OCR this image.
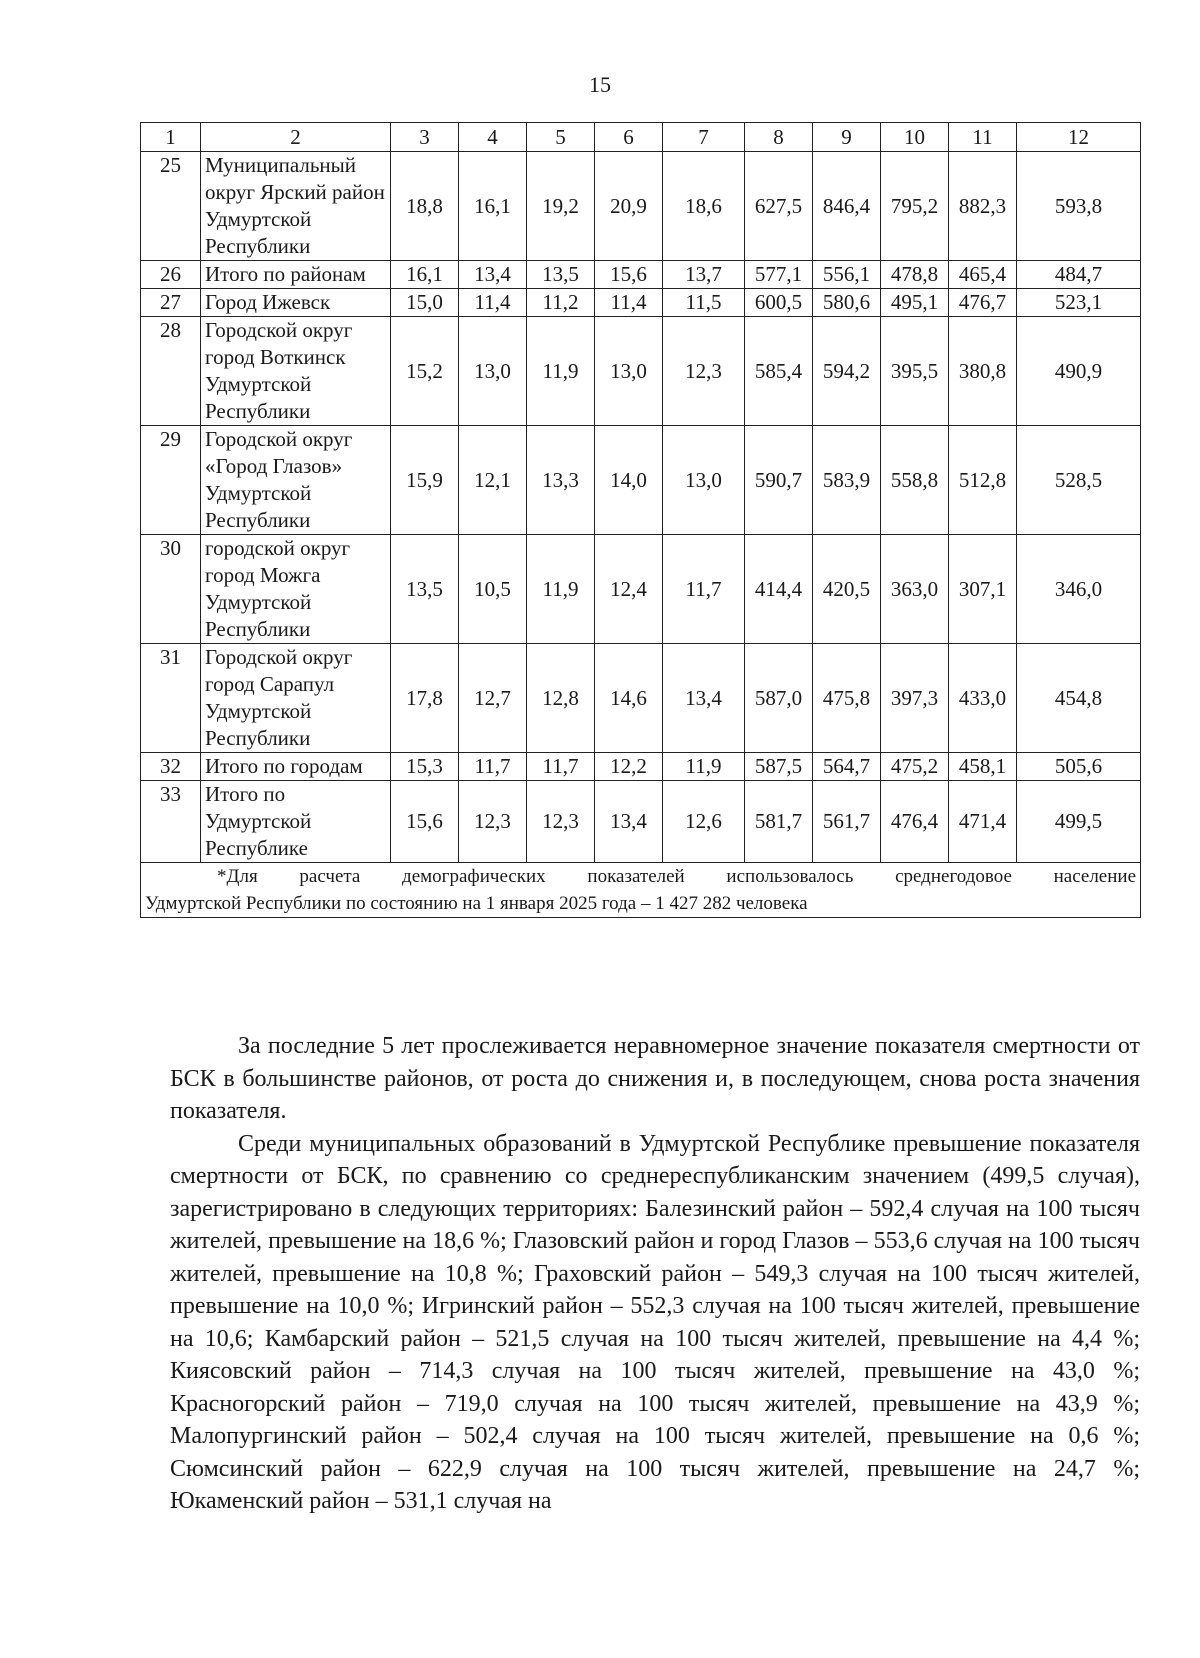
15
1	2	3	4	5	6	7	8	9	10	11	12
25	Муниципальный округ Ярский район Удмуртской Республики	18,8	16,1	19,2	20,9	18,6	627,5	846,4	795,2	882,3	593,8
26	Итого по районам	16,1	13,4	13,5	15,6	13,7	577,1	556,1	478,8	465,4	484,7
27	Город Ижевск	15,0	11,4	11,2	11,4	11,5	600,5	580,6	495,1	476,7	523,1
28	Городской округ город Воткинск Удмуртской Республики	15,2	13,0	11,9	13,0	12,3	585,4	594,2	395,5	380,8	490,9
29	Городской округ «Город Глазов» Удмуртской Республики	15,9	12,1	13,3	14,0	13,0	590,7	583,9	558,8	512,8	528,5
30	городской округ город Можга Удмуртской Республики	13,5	10,5	11,9	12,4	11,7	414,4	420,5	363,0	307,1	346,0
31	Городской округ город Сарапул Удмуртской Республики	17,8	12,7	12,8	14,6	13,4	587,0	475,8	397,3	433,0	454,8
32	Итого по городам	15,3	11,7	11,7	12,2	11,9	587,5	564,7	475,2	458,1	505,6
33	Итого по Удмуртской Республике	15,6	12,3	12,3	13,4	12,6	581,7	561,7	476,4	471,4	499,5

*Для расчета демографических показателей использовалось среднегодовое население
Удмуртской Республики по состоянию на 1 января 2025 года – 1 427 282 человека											

За последние 5 лет прослеживается неравномерное значение показателя смертности от БСК в большинстве районов, от роста до снижения и, в последующем, снова роста значения показателя.

Среди муниципальных образований в Удмуртской Республике превышение показателя смертности от БСК, по сравнению со среднереспубликанским значением (499,5 случая), зарегистрировано в следующих территориях: Балезинский район – 592,4 случая на 100 тысяч жителей, превышение на 18,6 %; Глазовский район и город Глазов – 553,6 случая на 100 тысяч жителей, превышение на 10,8 %; Граховский район – 549,3 случая на 100 тысяч жителей, превышение на 10,0 %; Игринский район – 552,3 случая на 100 тысяч жителей, превышение на 10,6; Камбарский район – 521,5 случая на 100 тысяч жителей, превышение на 4,4 %; Киясовский район – 714,3 случая на 100 тысяч жителей, превышение на 43,0 %; Красногорский район – 719,0 случая на 100 тысяч жителей, превышение на 43,9 %; Малопургинский район – 502,4 случая на 100 тысяч жителей, превышение на 0,6 %; Сюмсинский район – 622,9 случая на 100 тысяч жителей, превышение на 24,7 %; Юкаменский район – 531,1 случая на
